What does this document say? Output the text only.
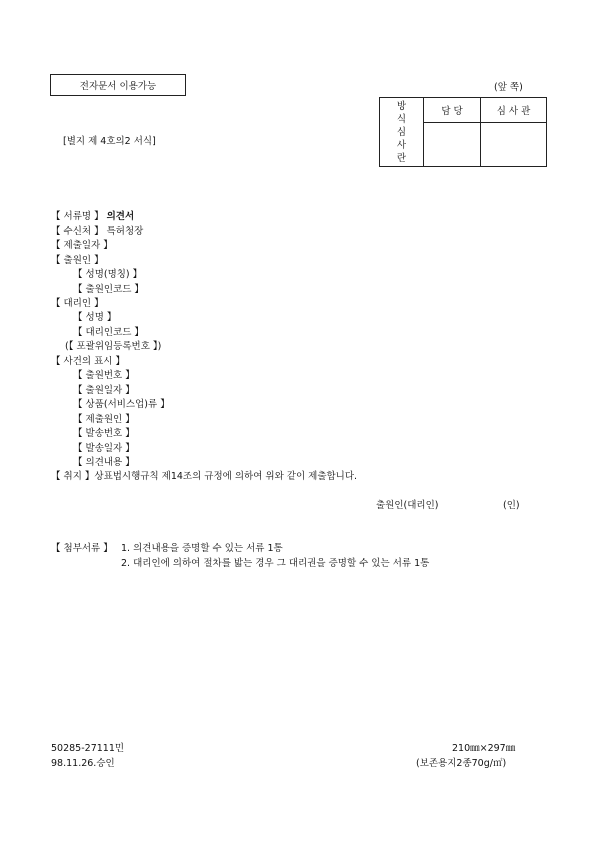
전자문서 이용가능	(앞 쪽)
방
식
심
사
란	담 당	심 사 관

[별지 제 4호의2 서식]
【 서류명 】 의견서
【 수신처 】 특허청장
【 제출일자 】
【 출원인 】
【 성명(명칭) 】
【 출원인코드 】
【 대리인 】
【 성명 】
【 대리인코드 】
(【 포괄위임등록번호 】)
【 사건의 표시 】
【 출원번호 】
【 출원일자 】
【 상품(서비스업)류 】
【 제출원인 】
【 발송번호 】
【 발송일자 】
【 의견내용 】
【 취지 】상표법시행규칙 제14조의 규정에 의하여 위와 같이 제출합니다.
출원인(대리인)	(인)
【 첨부서류 】 1. 의견내용을 증명할 수 있는 서류 1통
2. 대리인에 의하여 절차를 밟는 경우 그 대리권을 증명할 수 있는 서류 1통
50285-27111민
98.11.26.승인
210㎜×297㎜
(보존용지2종70g/㎡)
